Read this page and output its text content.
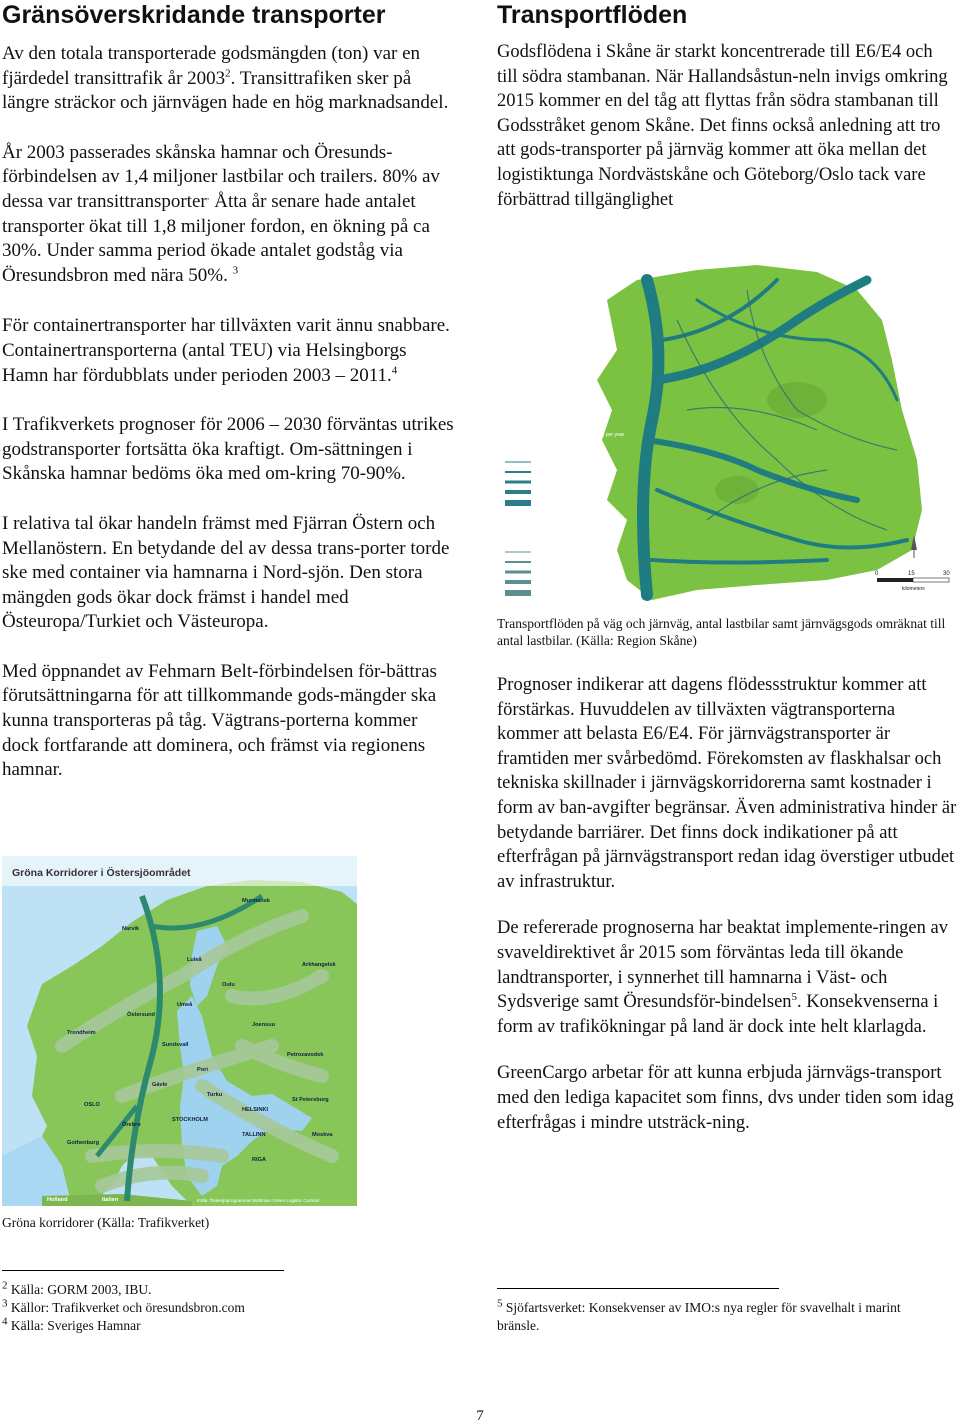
Gränsöverskridande transporter

Av den totala transporterade godsmängden (ton) var en fjärdedel transittrafik år 2003$^2$. Transittrafiken sker på längre sträckor och järnvägen hade en hög marknadsandel.

År 2003 passerades skånska hamnar och Öresunds-förbindelsen av 1,4 miljoner lastbilar och trailers. 80% av dessa var transittransporter. Åtta år senare hade antalet transporter ökat till 1,8 miljoner fordon, en ökning på ca 30%. Under samma period ökade antalet godståg via Öresundsbron med nära 50%. $^3$

För containertransporter har tillväxten varit ännu snabbare. Containertransporterna (antal TEU) via Helsingborgs Hamn har fördubblats under perioden 2003 – 2011.$^4$

I Trafikverkets prognoser för 2006 – 2030 förväntas utrikes godstransporter fortsätta öka kraftigt. Om-sättningen i Skånska hamnar bedöms öka med om-kring 70-90%.

I relativa tal ökar handeln främst med Fjärran Östern och Mellanöstern. En betydande del av dessa trans-porter torde ske med container via hamnarna i Nord-sjön. Den stora mängden gods ökar dock främst i handel med Östeuropa/Turkiet och Västeuropa.

Med öppnandet av Fehmarn Belt-förbindelsen för-bättras förutsättningarna för att tillkommande gods-mängder ska kunna transporteras på tåg. Vägtrans-porterna kommer dock fortfarande att dominera, och främst via regionens hamnar.

Gröna Korridorer i Östersjöområdet
Murmansk
Narvik
Luleå
Östersund
Trondheim
Umeå
Oulu
Arkhangelsk
Sundsvall
Joensuu
Petrozavodsk
Pori
Gävle
Turku
OSLO
HELSINKI
St Petersburg
STOCKHOLM
TALLINN
Örebro
Gothenburg
RIGA
Moskva
Holland	Italien	Källa: Östersjöprogrammet Bothnian Green Logistic Corridor

Gröna korridorer (Källa: Trafikverket)

Transportflöden

Godsflödena i Skåne är starkt koncentrerade till E6/E4 och till södra stambanan. När Hallandsåstun-neln invigs omkring 2015 kommer en del tåg att flyttas från södra stambanan till Godsstråket genom Skåne. Det finns också anledning att tro att gods-transporter på järnväg kommer att öka mellan det logistiktunga Nordvästskåne och Göteborg/Oslo tack vare förbättrad tillgänglighet

Freight trains recalculated in number of trucks per year
375
750
1250
2500
5000
Calculated number of trucks per year
375
750
1250
2500
5000
0	15	30
kilometers

Transportflöden på väg och järnväg, antal lastbilar samt järnvägsgods omräknat till antal lastbilar. (Källa: Region Skåne)

Prognoser indikerar att dagens flödessstruktur kommer att förstärkas. Huvuddelen av tillväxten vägtransporterna kommer att belasta E6/E4. För järnvägstransporter är framtiden mer svårbedömd. Förekomsten av flaskhalsar och tekniska skillnader i järnvägskorridorerna samt kostnader i form av ban-avgifter begränsar. Även administrativa hinder är betydande barriärer. Det finns dock indikationer på att efterfrågan på järnvägstransport redan idag överstiger utbudet av infrastruktur.

De refererade prognoserna har beaktat implemente-ringen av svaveldirektivet år 2015 som förväntas leda till ökande landtransporter, i synnerhet till hamnarna i Väst- och Sydsverige samt Öresundsför-bindelsen$^5$. Konsekvenserna i form av trafikökningar på land är dock inte helt klarlagda.

GreenCargo arbetar för att kunna erbjuda järnvägs-transport med den lediga kapacitet som finns, dvs under tiden som idag efterfrågas i mindre utsträck-ning.

$^2$ Källa: GORM 2003, IBU.

$^3$ Källor: Trafikverket och öresundsbron.com

$^4$ Källa: Sveriges Hamnar

$^5$ Sjöfartsverket: Konsekvenser av IMO:s nya regler för svavelhalt i marint bränsle.

7
